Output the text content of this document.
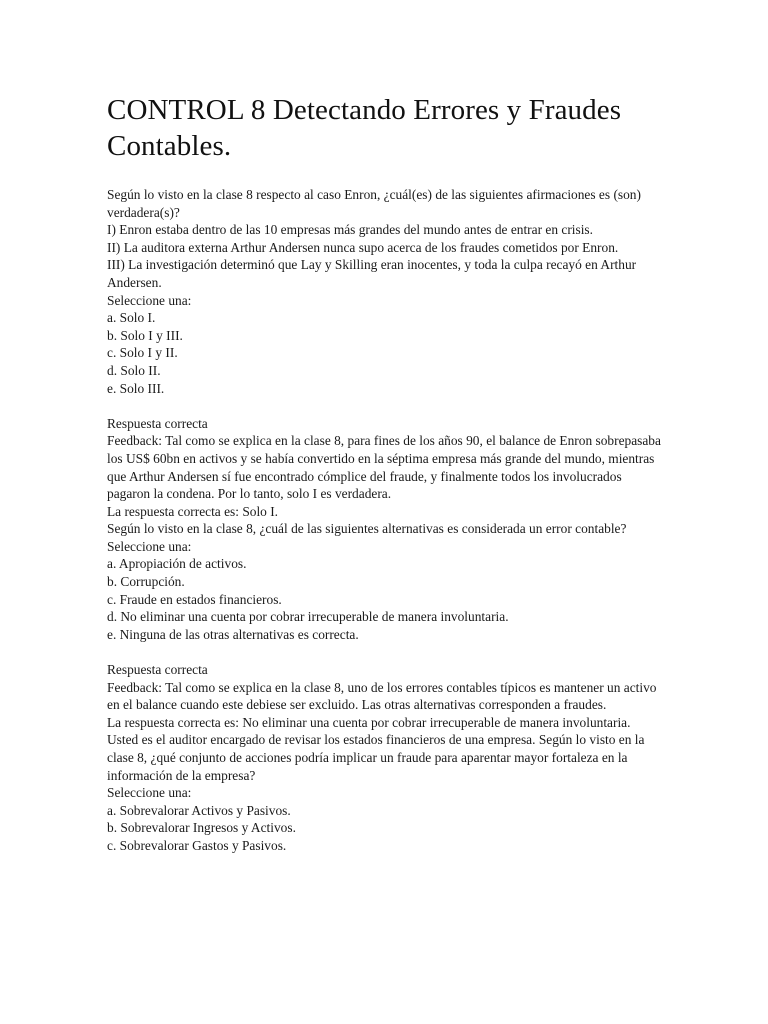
CONTROL 8 Detectando Errores y Fraudes Contables.

Según lo visto en la clase 8 respecto al caso Enron, ¿cuál(es) de las siguientes afirmaciones es (son) verdadera(s)?

I) Enron estaba dentro de las 10 empresas más grandes del mundo antes de entrar en crisis.

II) La auditora externa Arthur Andersen nunca supo acerca de los fraudes cometidos por Enron.

III) La investigación determinó que Lay y Skilling eran inocentes, y toda la culpa recayó en Arthur Andersen.

Seleccione una:

a. Solo I.

b. Solo I y III.

c. Solo I y II.

d. Solo II.

e. Solo III.

Respuesta correcta

Feedback: Tal como se explica en la clase 8, para fines de los años 90, el balance de Enron sobrepasaba los US$ 60bn en activos y se había convertido en la séptima empresa más grande del mundo, mientras que Arthur Andersen sí fue encontrado cómplice del fraude, y finalmente todos los involucrados pagaron la condena. Por lo tanto, solo I es verdadera.

La respuesta correcta es: Solo I.

Según lo visto en la clase 8, ¿cuál de las siguientes alternativas es considerada un error contable?

Seleccione una:

a. Apropiación de activos.

b. Corrupción.

c. Fraude en estados financieros.

d. No eliminar una cuenta por cobrar irrecuperable de manera involuntaria.

e. Ninguna de las otras alternativas es correcta.

Respuesta correcta

Feedback: Tal como se explica en la clase 8, uno de los errores contables típicos es mantener un activo en el balance cuando este debiese ser excluido. Las otras alternativas corresponden a fraudes.

La respuesta correcta es: No eliminar una cuenta por cobrar irrecuperable de manera involuntaria.

Usted es el auditor encargado de revisar los estados financieros de una empresa. Según lo visto en la clase 8, ¿qué conjunto de acciones podría implicar un fraude para aparentar mayor fortaleza en la información de la empresa?

Seleccione una:

a. Sobrevalorar Activos y Pasivos.

b. Sobrevalorar Ingresos y Activos.

c. Sobrevalorar Gastos y Pasivos.
